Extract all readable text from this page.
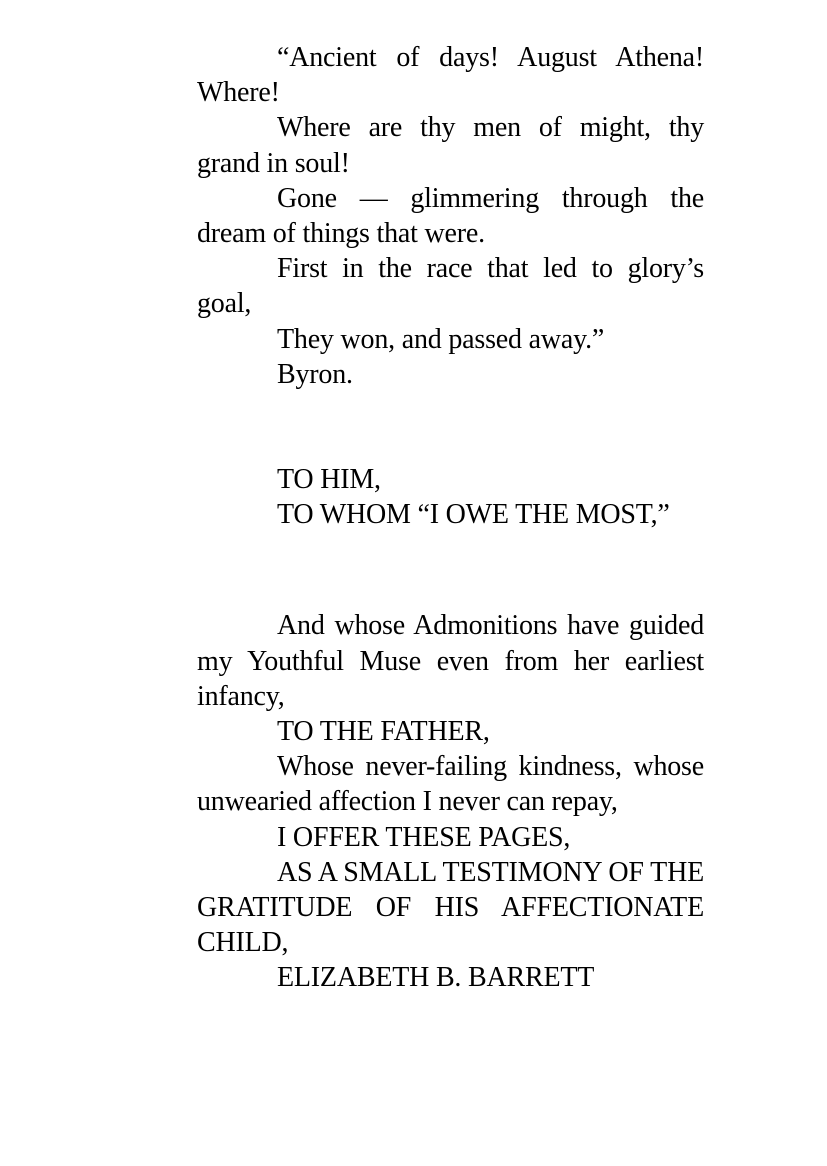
“Ancient of days! August Athena! Where!

Where are thy men of might, thy grand in soul!

Gone — glimmering through the dream of things that were.

First in the race that led to glory’s goal,

They won, and passed away.”

Byron.

TO HIM,

TO WHOM “I OWE THE MOST,”

And whose Admonitions have guided my Youthful Muse even from her earliest infancy,

TO THE FATHER,

Whose never-failing kindness, whose unwearied affection I never can repay,

I OFFER THESE PAGES,

AS A SMALL TESTIMONY OF THE GRATITUDE OF HIS AFFECTIONATE CHILD,

ELIZABETH B. BARRETT
